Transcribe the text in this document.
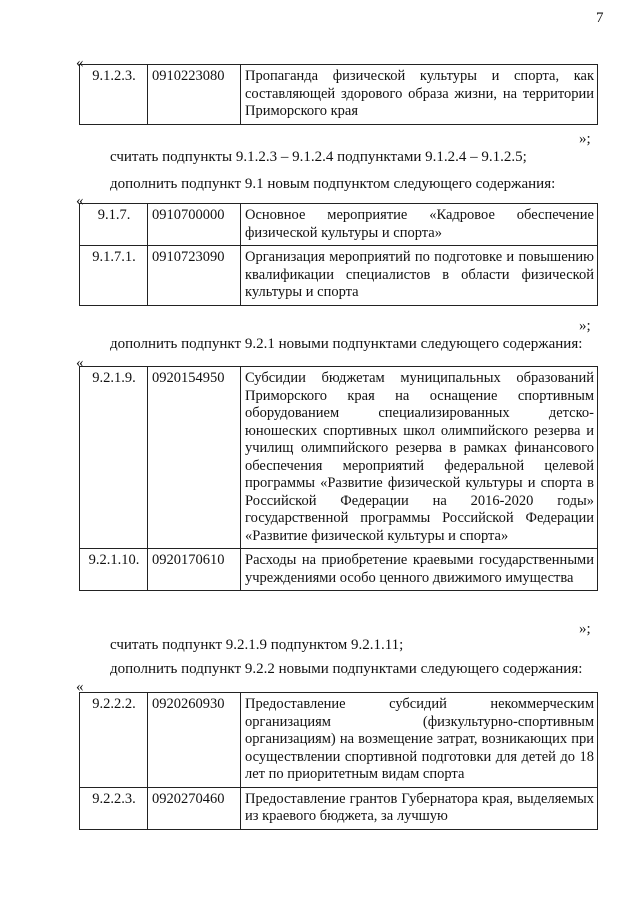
7
«
9.1.2.3.	0910223080	Пропаганда физической культуры и спорта, как составляющей здорового образа жизни, на территории Приморского края
»;
считать подпункты 9.1.2.3 – 9.1.2.4 подпунктами 9.1.2.4 – 9.1.2.5;
дополнить подпункт 9.1 новым подпунктом следующего содержания:
«
9.1.7.	0910700000	Основное мероприятие «Кадровое обеспечение физической культуры и спорта»
9.1.7.1.	0910723090	Организация мероприятий по подготовке и повышению квалификации специалистов в области физической культуры и спорта
»;
дополнить подпункт 9.2.1 новыми подпунктами следующего содержания:
«
9.2.1.9.	0920154950	Субсидии бюджетам муниципальных образований Приморского края на оснащение спортивным оборудованием специализированных детско-юношеских спортивных школ олимпийского резерва и училищ олимпийского резерва в рамках финансового обеспечения мероприятий федеральной целевой программы «Развитие физической культуры и спорта в Российской Федерации на 2016-2020 годы» государственной программы Российской Федерации «Развитие физической культуры и спорта»
9.2.1.10.	0920170610	Расходы на приобретение краевыми государственными учреждениями особо ценного движимого имущества
»;
считать подпункт 9.2.1.9 подпунктом 9.2.1.11;
дополнить подпункт 9.2.2 новыми подпунктами следующего содержания:
«
9.2.2.2.	0920260930	Предоставление субсидий некоммерческим организациям (физкультурно-спортивным организациям) на возмещение затрат, возникающих при осуществлении спортивной подготовки для детей до 18 лет по приоритетным видам спорта
9.2.2.3.	0920270460	Предоставление грантов Губернатора края, выделяемых из краевого бюджета, за лучшую
